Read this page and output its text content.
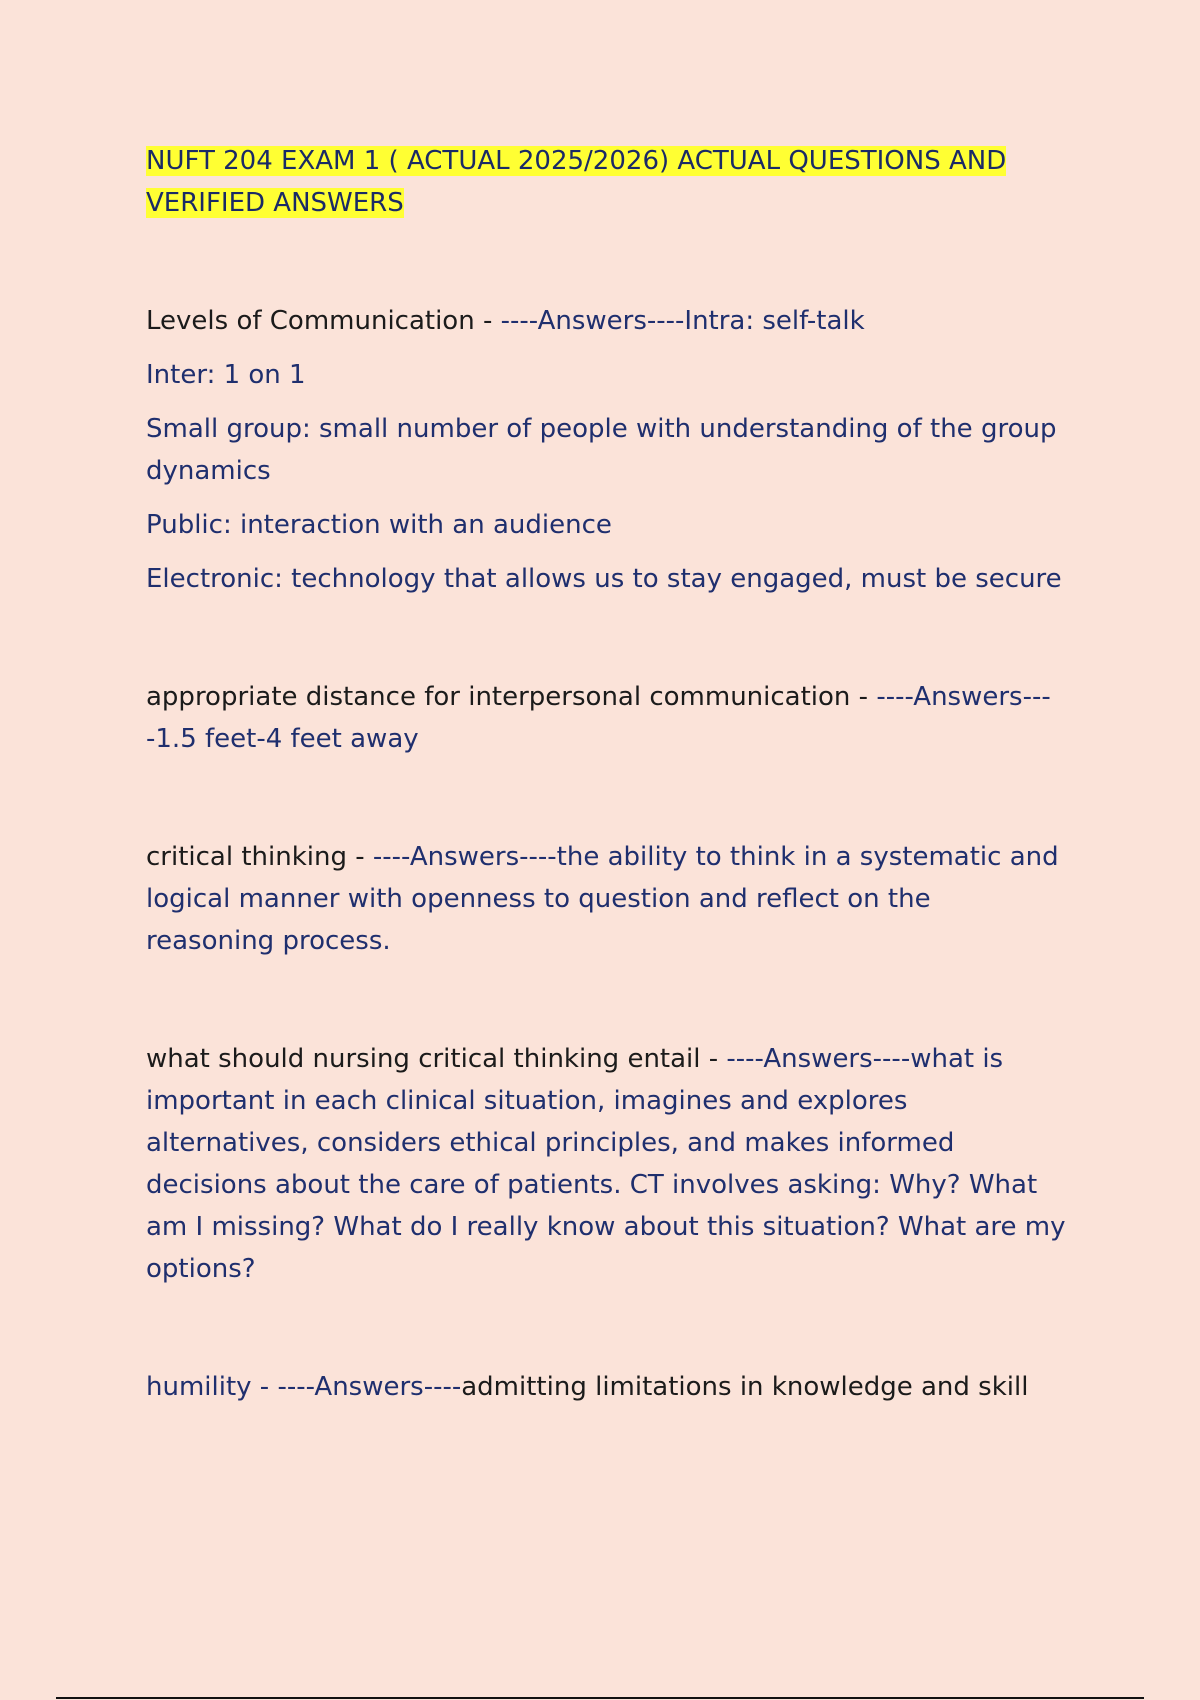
NUFT 204 EXAM 1 ( ACTUAL 2025/2026) ACTUAL QUESTIONS AND VERIFIED ANSWERS

Levels of Communication - ----Answers----Intra: self-talk

Inter: 1 on 1

Small group: small number of people with understanding of the group dynamics

Public: interaction with an audience

Electronic: technology that allows us to stay engaged, must be secure

appropriate distance for interpersonal communication - ----Answers----1.5 feet-4 feet away

critical thinking - ----Answers----the ability to think in a systematic and logical manner with openness to question and reflect on the reasoning process.

what should nursing critical thinking entail - ----Answers----what is important in each clinical situation, imagines and explores alternatives, considers ethical principles, and makes informed decisions about the care of patients. CT involves asking: Why? What am I missing? What do I really know about this situation? What are my options?

humility - ----Answers----admitting limitations in knowledge and skill
